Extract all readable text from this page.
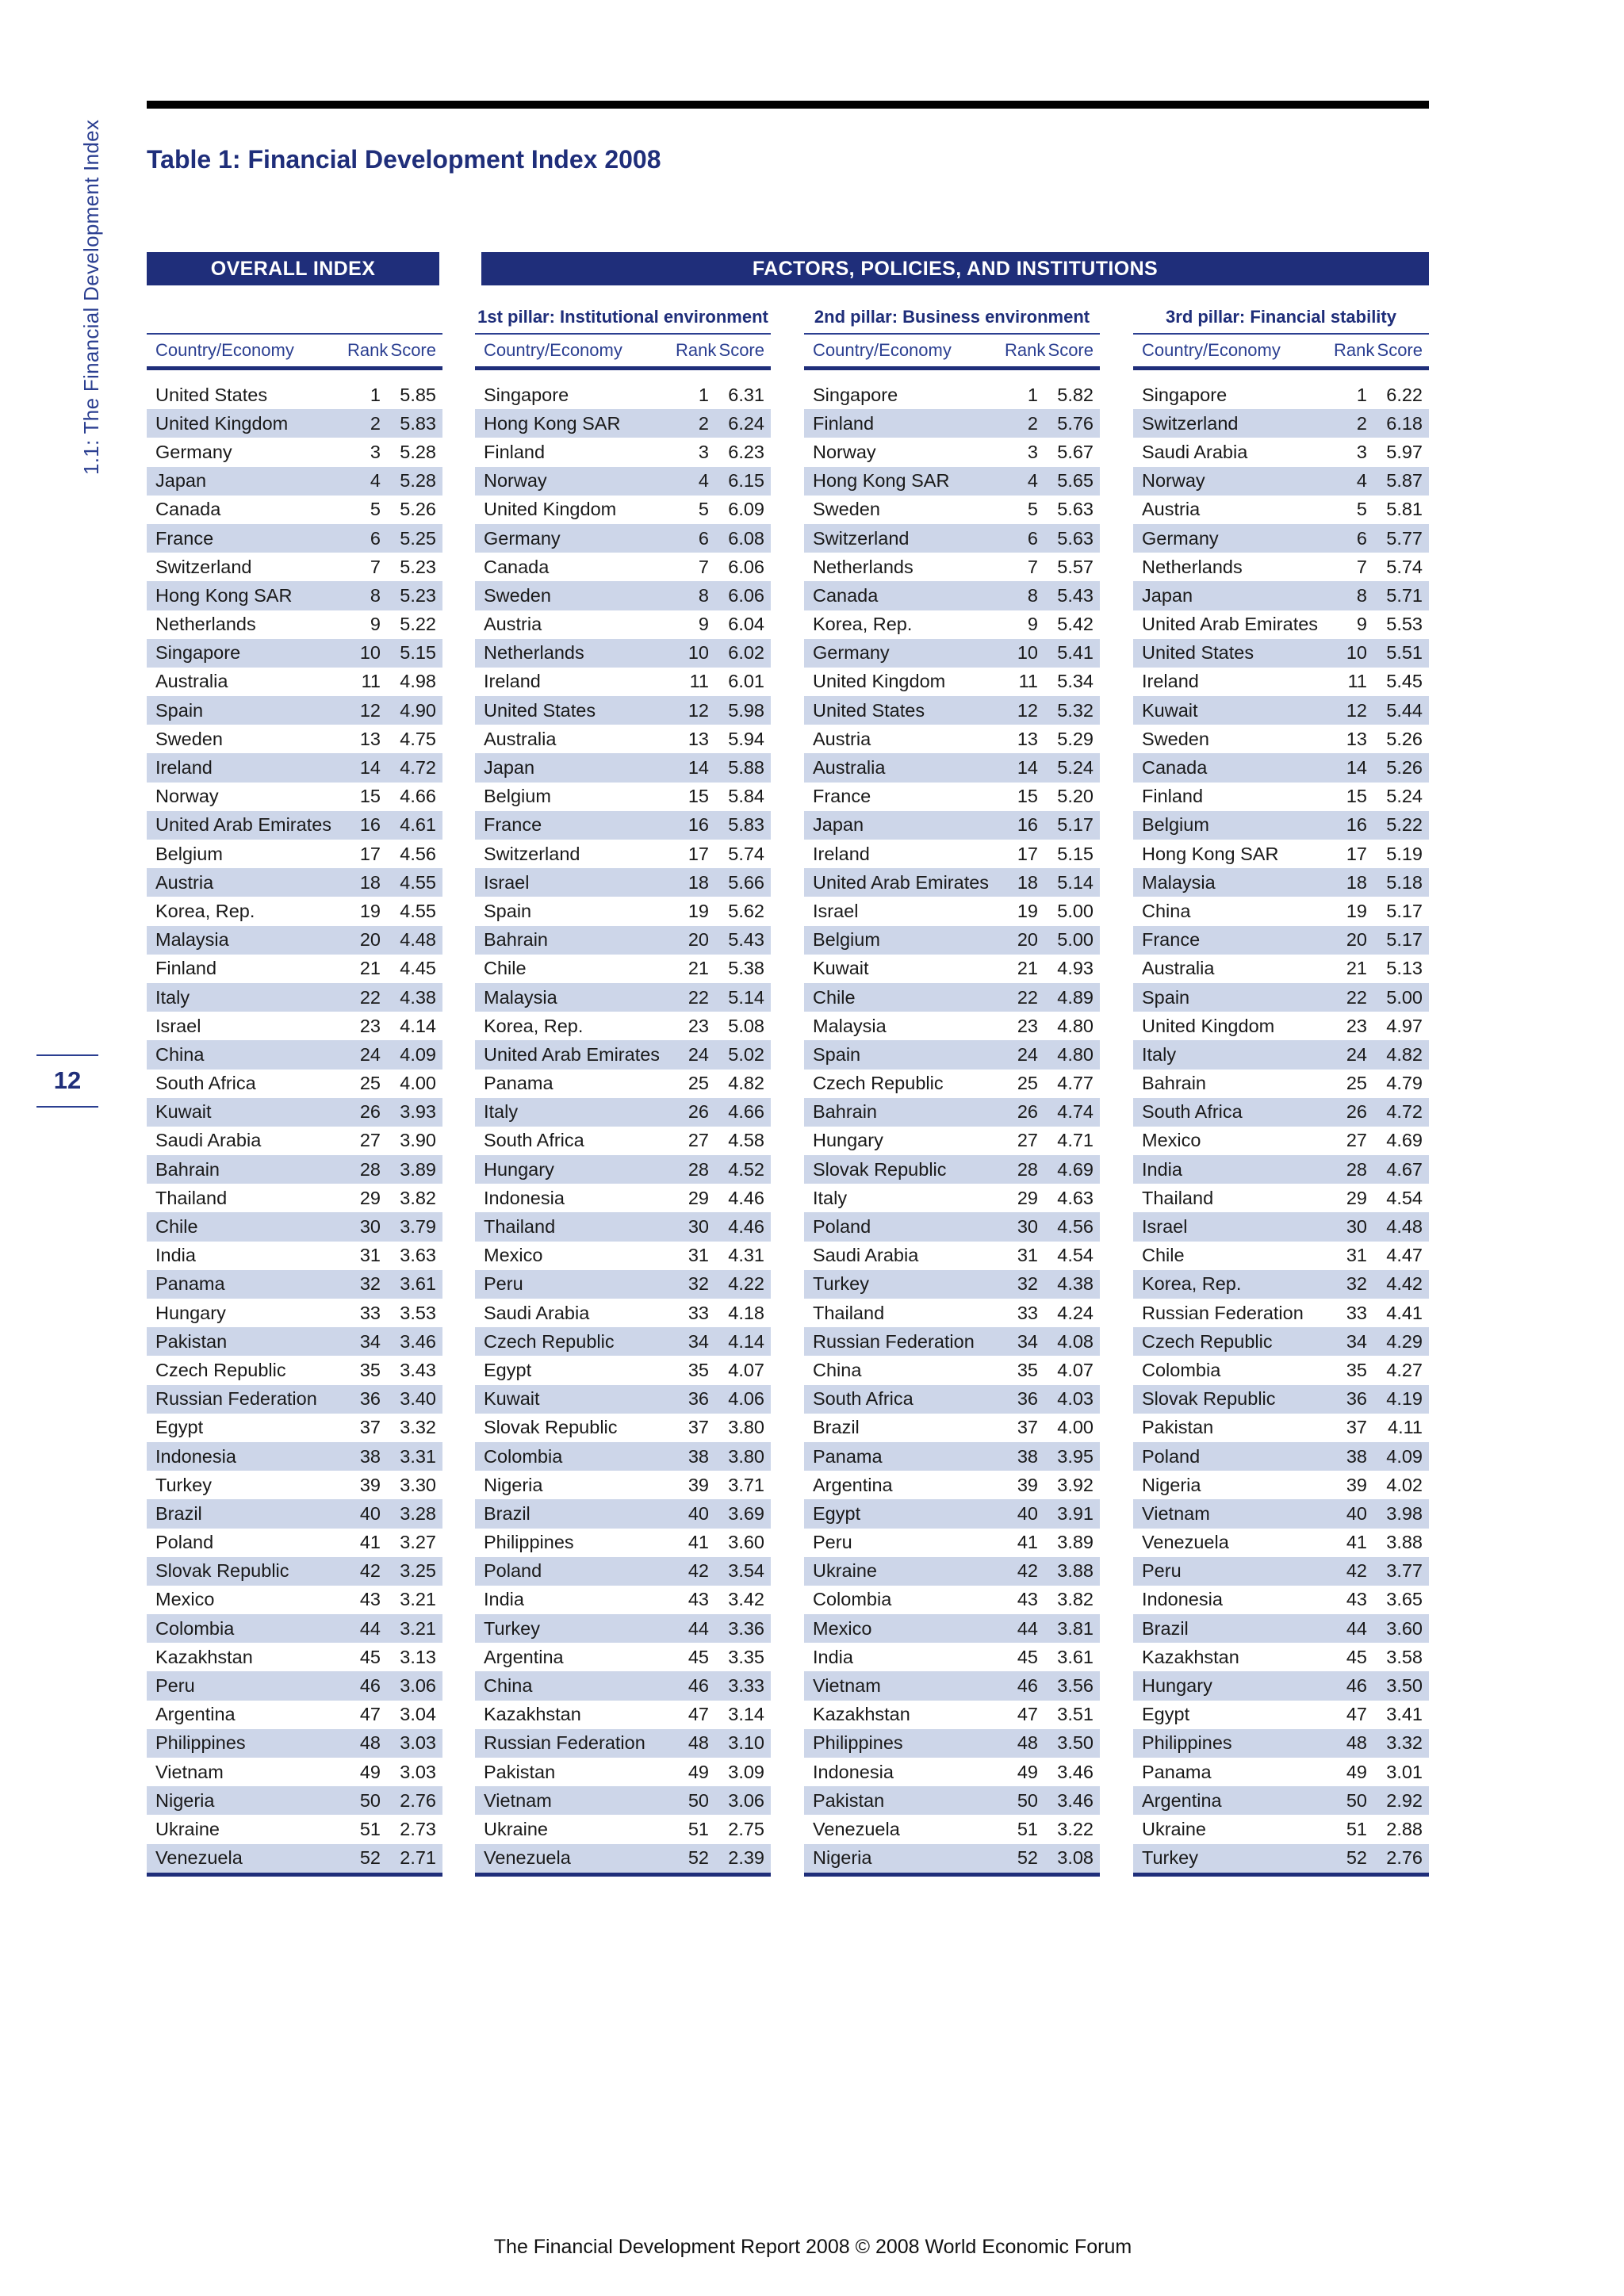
1.1: The Financial Development Index
12
Table 1: Financial Development Index 2008
OVERALL INDEX	FACTORS, POLICIES, AND INSTITUTIONS
Country/Economy	Rank Score
United States	1	5.85
United Kingdom	2	5.83
Germany	3	5.28
Japan	4	5.28
Canada	5	5.26
France	6	5.25
Switzerland	7	5.23
Hong Kong SAR	8	5.23
Netherlands	9	5.22
Singapore	10	5.15
Australia	11	4.98
Spain	12	4.90
Sweden	13	4.75
Ireland	14	4.72
Norway	15	4.66
United Arab Emirates	16	4.61
Belgium	17	4.56
Austria	18	4.55
Korea, Rep.	19	4.55
Malaysia	20	4.48
Finland	21	4.45
Italy	22	4.38
Israel	23	4.14
China	24	4.09
South Africa	25	4.00
Kuwait	26	3.93
Saudi Arabia	27	3.90
Bahrain	28	3.89
Thailand	29	3.82
Chile	30	3.79
India	31	3.63
Panama	32	3.61
Hungary	33	3.53
Pakistan	34	3.46
Czech Republic	35	3.43
Russian Federation	36	3.40
Egypt	37	3.32
Indonesia	38	3.31
Turkey	39	3.30
Brazil	40	3.28
Poland	41	3.27
Slovak Republic	42	3.25
Mexico	43	3.21
Colombia	44	3.21
Kazakhstan	45	3.13
Peru	46	3.06
Argentina	47	3.04
Philippines	48	3.03
Vietnam	49	3.03
Nigeria	50	2.76
Ukraine	51	2.73
Venezuela	52	2.71
1st pillar: Institutional environment
Country/Economy	Rank Score
Singapore	1	6.31
Hong Kong SAR	2	6.24
Finland	3	6.23
Norway	4	6.15
United Kingdom	5	6.09
Germany	6	6.08
Canada	7	6.06
Sweden	8	6.06
Austria	9	6.04
Netherlands	10	6.02
Ireland	11	6.01
United States	12	5.98
Australia	13	5.94
Japan	14	5.88
Belgium	15	5.84
France	16	5.83
Switzerland	17	5.74
Israel	18	5.66
Spain	19	5.62
Bahrain	20	5.43
Chile	21	5.38
Malaysia	22	5.14
Korea, Rep.	23	5.08
United Arab Emirates	24	5.02
Panama	25	4.82
Italy	26	4.66
South Africa	27	4.58
Hungary	28	4.52
Indonesia	29	4.46
Thailand	30	4.46
Mexico	31	4.31
Peru	32	4.22
Saudi Arabia	33	4.18
Czech Republic	34	4.14
Egypt	35	4.07
Kuwait	36	4.06
Slovak Republic	37	3.80
Colombia	38	3.80
Nigeria	39	3.71
Brazil	40	3.69
Philippines	41	3.60
Poland	42	3.54
India	43	3.42
Turkey	44	3.36
Argentina	45	3.35
China	46	3.33
Kazakhstan	47	3.14
Russian Federation	48	3.10
Pakistan	49	3.09
Vietnam	50	3.06
Ukraine	51	2.75
Venezuela	52	2.39
2nd pillar: Business environment
Country/Economy	Rank Score
Singapore	1	5.82
Finland	2	5.76
Norway	3	5.67
Hong Kong SAR	4	5.65
Sweden	5	5.63
Switzerland	6	5.63
Netherlands	7	5.57
Canada	8	5.43
Korea, Rep.	9	5.42
Germany	10	5.41
United Kingdom	11	5.34
United States	12	5.32
Austria	13	5.29
Australia	14	5.24
France	15	5.20
Japan	16	5.17
Ireland	17	5.15
United Arab Emirates	18	5.14
Israel	19	5.00
Belgium	20	5.00
Kuwait	21	4.93
Chile	22	4.89
Malaysia	23	4.80
Spain	24	4.80
Czech Republic	25	4.77
Bahrain	26	4.74
Hungary	27	4.71
Slovak Republic	28	4.69
Italy	29	4.63
Poland	30	4.56
Saudi Arabia	31	4.54
Turkey	32	4.38
Thailand	33	4.24
Russian Federation	34	4.08
China	35	4.07
South Africa	36	4.03
Brazil	37	4.00
Panama	38	3.95
Argentina	39	3.92
Egypt	40	3.91
Peru	41	3.89
Ukraine	42	3.88
Colombia	43	3.82
Mexico	44	3.81
India	45	3.61
Vietnam	46	3.56
Kazakhstan	47	3.51
Philippines	48	3.50
Indonesia	49	3.46
Pakistan	50	3.46
Venezuela	51	3.22
Nigeria	52	3.08
3rd pillar: Financial stability
Country/Economy	Rank Score
Singapore	1	6.22
Switzerland	2	6.18
Saudi Arabia	3	5.97
Norway	4	5.87
Austria	5	5.81
Germany	6	5.77
Netherlands	7	5.74
Japan	8	5.71
United Arab Emirates	9	5.53
United States	10	5.51
Ireland	11	5.45
Kuwait	12	5.44
Sweden	13	5.26
Canada	14	5.26
Finland	15	5.24
Belgium	16	5.22
Hong Kong SAR	17	5.19
Malaysia	18	5.18
China	19	5.17
France	20	5.17
Australia	21	5.13
Spain	22	5.00
United Kingdom	23	4.97
Italy	24	4.82
Bahrain	25	4.79
South Africa	26	4.72
Mexico	27	4.69
India	28	4.67
Thailand	29	4.54
Israel	30	4.48
Chile	31	4.47
Korea, Rep.	32	4.42
Russian Federation	33	4.41
Czech Republic	34	4.29
Colombia	35	4.27
Slovak Republic	36	4.19
Pakistan	37	4.11
Poland	38	4.09
Nigeria	39	4.02
Vietnam	40	3.98
Venezuela	41	3.88
Peru	42	3.77
Indonesia	43	3.65
Brazil	44	3.60
Kazakhstan	45	3.58
Hungary	46	3.50
Egypt	47	3.41
Philippines	48	3.32
Panama	49	3.01
Argentina	50	2.92
Ukraine	51	2.88
Turkey	52	2.76
The Financial Development Report 2008 © 2008 World Economic Forum
